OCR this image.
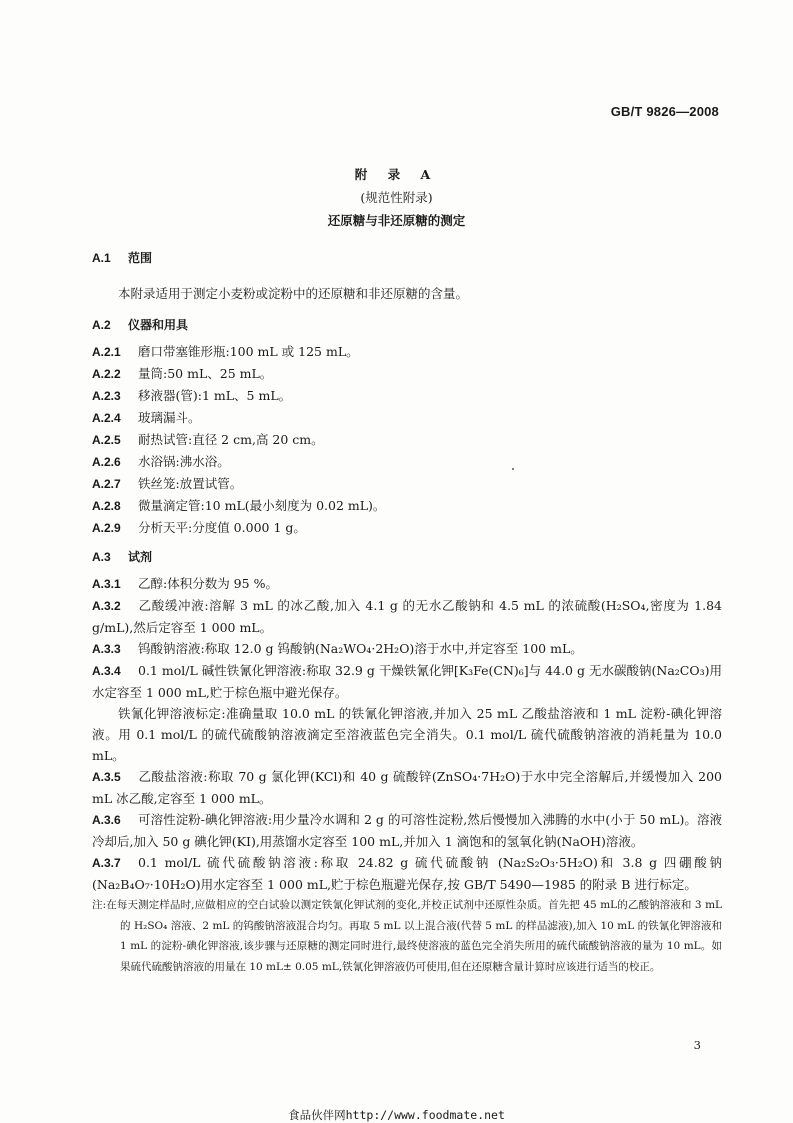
GB/T 9826—2008
附 录 A
(规范性附录)
还原糖与非还原糖的测定

A.1 范围

本附录适用于测定小麦粉或淀粉中的还原糖和非还原糖的含量。

A.2 仪器和用具

A.2.1 磨口带塞锥形瓶:100 mL 或 125 mL。

A.2.2 量筒:50 mL、25 mL。

A.2.3 移液器(管):1 mL、5 mL。

A.2.4 玻璃漏斗。

A.2.5 耐热试管:直径 2 cm,高 20 cm。

A.2.6 水浴锅:沸水浴。

A.2.7 铁丝笼:放置试管。

A.2.8 微量滴定管:10 mL(最小刻度为 0.02 mL)。

A.2.9 分析天平:分度值 0.000 1 g。

A.3 试剂

A.3.1 乙醇:体积分数为 95 %。

A.3.2 乙酸缓冲液:溶解 3 mL 的冰乙酸,加入 4.1 g 的无水乙酸钠和 4.5 mL 的浓硫酸(H₂SO₄,密度为 1.84 g/mL),然后定容至 1 000 mL。

A.3.3 钨酸钠溶液:称取 12.0 g 钨酸钠(Na₂WO₄·2H₂O)溶于水中,并定容至 100 mL。

A.3.4 0.1 mol/L 碱性铁氰化钾溶液:称取 32.9 g 干燥铁氰化钾[K₃Fe(CN)₆]与 44.0 g 无水碳酸钠(Na₂CO₃)用水定容至 1 000 mL,贮于棕色瓶中避光保存。

铁氰化钾溶液标定:准确量取 10.0 mL 的铁氰化钾溶液,并加入 25 mL 乙酸盐溶液和 1 mL 淀粉-碘化钾溶液。用 0.1 mol/L 的硫代硫酸钠溶液滴定至溶液蓝色完全消失。0.1 mol/L 硫代硫酸钠溶液的消耗量为 10.0 mL。

A.3.5 乙酸盐溶液:称取 70 g 氯化钾(KCl)和 40 g 硫酸锌(ZnSO₄·7H₂O)于水中完全溶解后,并缓慢加入 200 mL 冰乙酸,定容至 1 000 mL。

A.3.6 可溶性淀粉-碘化钾溶液:用少量冷水调和 2 g 的可溶性淀粉,然后慢慢加入沸腾的水中(小于 50 mL)。溶液冷却后,加入 50 g 碘化钾(KI),用蒸馏水定容至 100 mL,并加入 1 滴饱和的氢氧化钠(NaOH)溶液。

A.3.7 0.1 mol/L 硫代硫酸钠溶液:称取 24.82 g 硫代硫酸钠 (Na₂S₂O₃·5H₂O)和 3.8 g 四硼酸钠(Na₂B₄O₇·10H₂O)用水定容至 1 000 mL,贮于棕色瓶避光保存,按 GB/T 5490—1985 的附录 B 进行标定。

注:在每天测定样品时,应做相应的空白试验以测定铁氰化钾试剂的变化,并校正试剂中还原性杂质。首先把 45 mL的乙酸钠溶液和 3 mL 的 H₂SO₄ 溶液、2 mL 的钨酸钠溶液混合均匀。再取 5 mL 以上混合液(代替 5 mL 的样品滤液),加入 10 mL 的铁氰化钾溶液和 1 mL 的淀粉-碘化钾溶液,该步骤与还原糖的测定同时进行,最终使溶液的蓝色完全消失所用的硫代硫酸钠溶液的量为 10 mL。如果硫代硫酸钠溶液的用量在 10 mL± 0.05 mL,铁氰化钾溶液仍可使用,但在还原糖含量计算时应该进行适当的校正。

3
食品伙伴网http://www.foodmate.net
